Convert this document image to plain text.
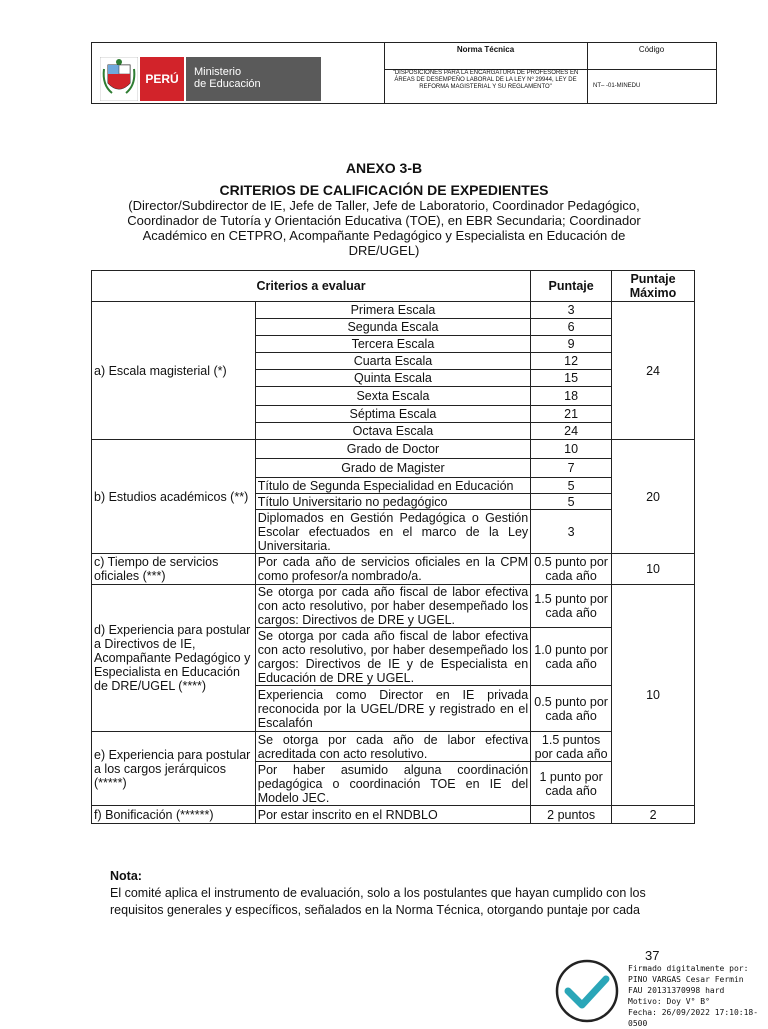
PERÚ	Ministerio
de Educación
Norma Técnica
"DISPOSICIONES PARA LA ENCARGATURA DE PROFESORES EN ÁREAS DE DESEMPEÑO LABORAL DE LA LEY Nº 29944, LEY DE REFORMA MAGISTERIAL Y SU REGLAMENTO"
Código
NT– -01-MINEDU
ANEXO 3-B
CRITERIOS DE CALIFICACIÓN DE EXPEDIENTES
(Director/Subdirector de IE, Jefe de Taller, Jefe de Laboratorio, Coordinador Pedagógico, Coordinador de Tutoría y Orientación Educativa (TOE), en EBR Secundaria; Coordinador Académico en CETPRO, Acompañante Pedagógico y Especialista en Educación de DRE/UGEL)
Criterios a evaluar		Puntaje	Puntaje Máximo
a) Escala magisterial (*)	Primera Escala	3	24
	Segunda Escala	6	
	Tercera Escala	9	
	Cuarta Escala	12	
	Quinta Escala	15	
	Sexta Escala	18	
	Séptima Escala	21	
	Octava Escala	24	
b) Estudios académicos (**)	Grado de Doctor	10	20
	Grado de Magister	7	
	Título de Segunda Especialidad en Educación	5	
	Título Universitario no pedagógico	5	
	Diplomados en Gestión Pedagógica o Gestión Escolar efectuados en el marco de la Ley Universitaria.	3	
c) Tiempo de servicios oficiales (***)	Por cada año de servicios oficiales en la CPM como profesor/a nombrado/a.	0.5 punto por cada año	10
d) Experiencia para postular a Directivos de IE, Acompañante Pedagógico y Especialista en Educación de DRE/UGEL (****)	Se otorga por cada año fiscal de labor efectiva con acto resolutivo, por haber desempeñado los cargos: Directivos de DRE y UGEL.	1.5 punto por cada año	10
	Se otorga por cada año fiscal de labor efectiva con acto resolutivo, por haber desempeñado los cargos: Directivos de IE y de Especialista en Educación de DRE y UGEL.	1.0 punto por cada año	
	Experiencia como Director en IE privada reconocida por la UGEL/DRE y registrado en el Escalafón	0.5 punto por cada año	
e) Experiencia para postular a los cargos jerárquicos (*****)	Se otorga por cada año de labor efectiva acreditada con acto resolutivo.	1.5 puntos por cada año	
	Por haber asumido alguna coordinación pedagógica o coordinación TOE en IE del Modelo JEC.	1 punto por cada año	
f) Bonificación (******)	Por estar inscrito en el RNDBLO	2 puntos	2
Nota:
El comité aplica el instrumento de evaluación, solo a los postulantes que hayan cumplido con los requisitos generales y específicos, señalados en la Norma Técnica, otorgando puntaje por cada
37
Firmado digitalmente por:
PINO VARGAS Cesar Fermin
FAU 20131370998 hard
Motivo: Doy V° B°
Fecha: 26/09/2022 17:10:18-0500
